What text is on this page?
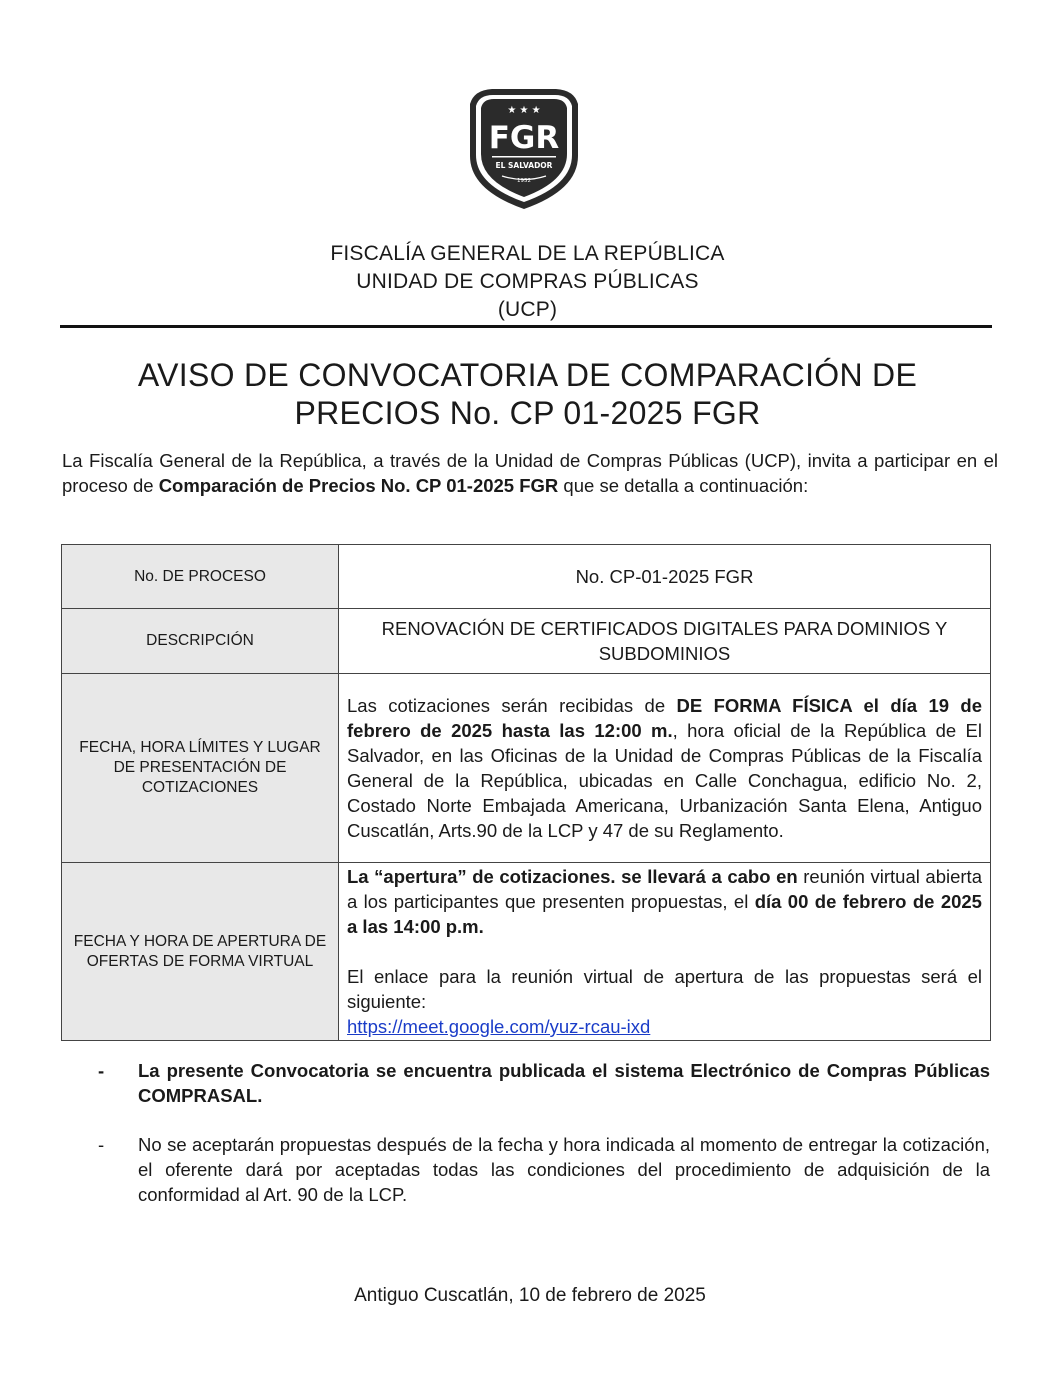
★ ★ ★
FGR
EL SALVADOR
1952
FISCALÍA GENERAL DE LA REPÚBLICA
UNIDAD DE COMPRAS PÚBLICAS
(UCP)
AVISO DE CONVOCATORIA DE COMPARACIÓN DE
PRECIOS No. CP 01-2025 FGR
La Fiscalía General de la República, a través de la Unidad de Compras Públicas (UCP), invita a participar en el proceso de Comparación de Precios No. CP 01-2025 FGR que se detalla a continuación:
No. DE PROCESO	No. CP-01-2025 FGR
DESCRIPCIÓN	RENOVACIÓN DE CERTIFICADOS DIGITALES PARA DOMINIOS Y SUBDOMINIOS
FECHA, HORA LÍMITES Y LUGAR DE PRESENTACIÓN DE COTIZACIONES	Las cotizaciones serán recibidas de DE FORMA FÍSICA el día 19 de febrero de 2025 hasta las 12:00 m., hora oficial de la República de El Salvador, en las Oficinas de la Unidad de Compras Públicas de la Fiscalía General de la República, ubicadas en Calle Conchagua, edificio No. 2, Costado Norte Embajada Americana, Urbanización Santa Elena, Antiguo Cuscatlán, Arts.90 de la LCP y 47 de su Reglamento.
FECHA Y HORA DE APERTURA DE OFERTAS DE FORMA VIRTUAL	La “apertura” de cotizaciones. se llevará a cabo en reunión virtual abierta a los participantes que presenten propuestas, el día 00 de febrero de 2025 a las 14:00 p.m.
El enlace para la reunión virtual de apertura de las propuestas será el siguiente:
https://meet.google.com/yuz-rcau-ixd
- La presente Convocatoria se encuentra publicada el sistema Electrónico de Compras Públicas COMPRASAL.
- No se aceptarán propuestas después de la fecha y hora indicada al momento de entregar la cotización, el oferente dará por aceptadas todas las condiciones del procedimiento de adquisición de la conformidad al Art. 90 de la LCP.
Antiguo Cuscatlán, 10 de febrero de 2025
